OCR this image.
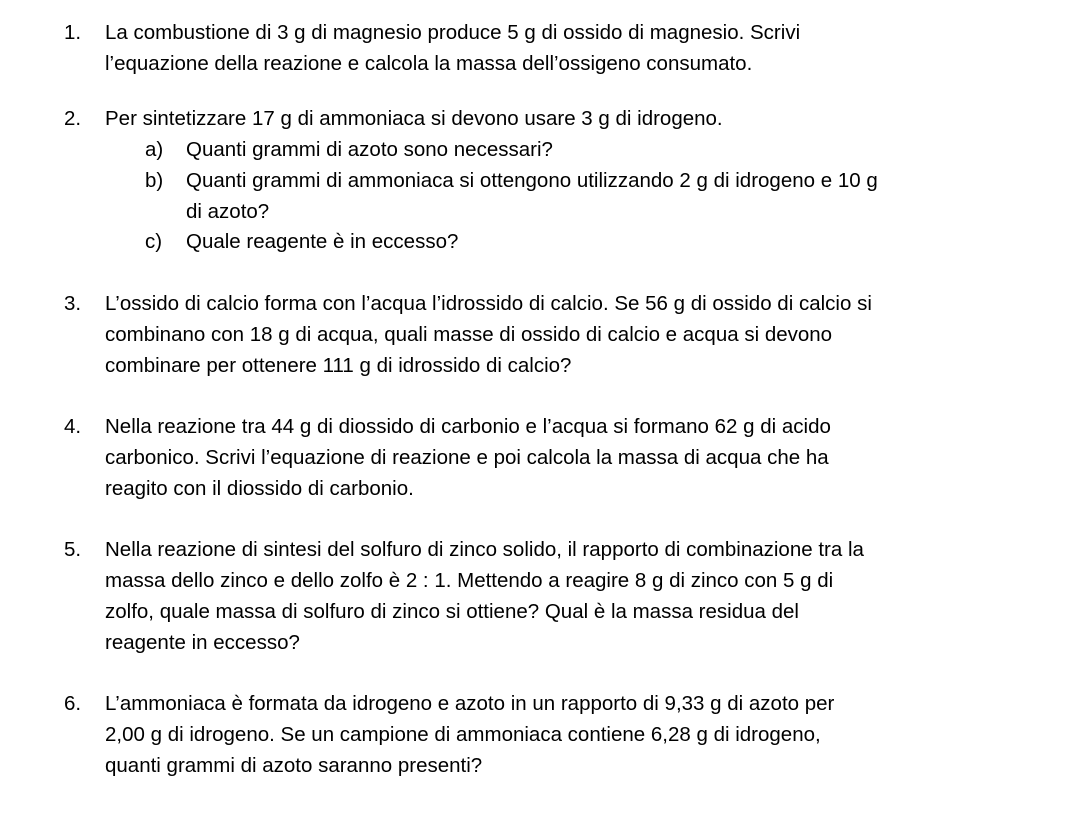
1. La combustione di 3 g di magnesio produce 5 g di ossido di magnesio. Scrivi
l’equazione della reazione e calcola la massa dell’ossigeno consumato.
2. Per sintetizzare 17 g di ammoniaca si devono usare 3 g di idrogeno.
a) Quanti grammi di azoto sono necessari?
b) Quanti grammi di ammoniaca si ottengono utilizzando 2 g di idrogeno e 10 g
di azoto?
c) Quale reagente è in eccesso?
3. L’ossido di calcio forma con l’acqua l’idrossido di calcio. Se 56 g di ossido di calcio si
combinano con 18 g di acqua, quali masse di ossido di calcio e acqua si devono
combinare per ottenere 111 g di idrossido di calcio?
4. Nella reazione tra 44 g di diossido di carbonio e l’acqua si formano 62 g di acido
carbonico. Scrivi l’equazione di reazione e poi calcola la massa di acqua che ha
reagito con il diossido di carbonio.
5. Nella reazione di sintesi del solfuro di zinco solido, il rapporto di combinazione tra la
massa dello zinco e dello zolfo è 2 : 1. Mettendo a reagire 8 g di zinco con 5 g di
zolfo, quale massa di solfuro di zinco si ottiene? Qual è la massa residua del
reagente in eccesso?
6. L’ammoniaca è formata da idrogeno e azoto in un rapporto di 9,33 g di azoto per
2,00 g di idrogeno. Se un campione di ammoniaca contiene 6,28 g di idrogeno,
quanti grammi di azoto saranno presenti?
